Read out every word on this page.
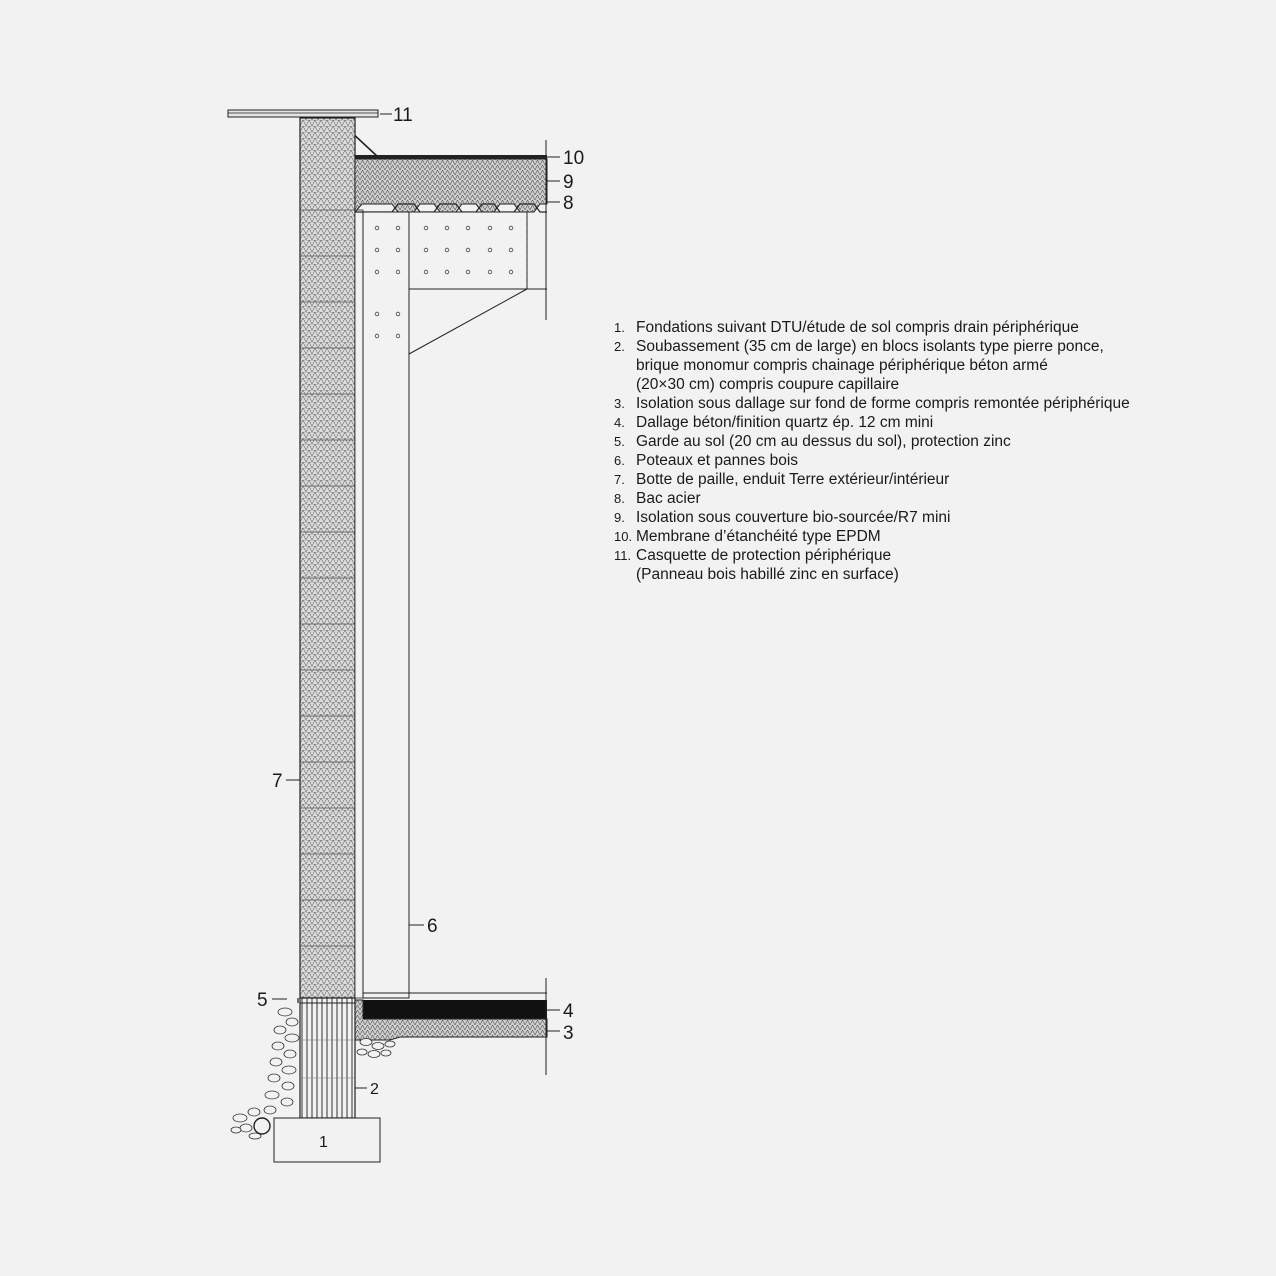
11
7
10
9
8
6
4
3
5
2
1
1. Fondations suivant DTU/étude de sol compris drain périphérique
2. Soubassement (35 cm de large) en blocs isolants type pierre ponce,
brique monomur compris chainage périphérique béton armé
(20×30 cm) compris coupure capillaire
3. Isolation sous dallage sur fond de forme compris remontée périphérique
4. Dallage béton/finition quartz ép. 12 cm mini
5. Garde au sol (20 cm au dessus du sol), protection zinc
6. Poteaux et pannes bois
7. Botte de paille, enduit Terre extérieur/intérieur
8. Bac acier
9. Isolation sous couverture bio-sourcée/R7 mini
10. Membrane d’étanchéité type EPDM
11. Casquette de protection périphérique
(Panneau bois habillé zinc en surface)
